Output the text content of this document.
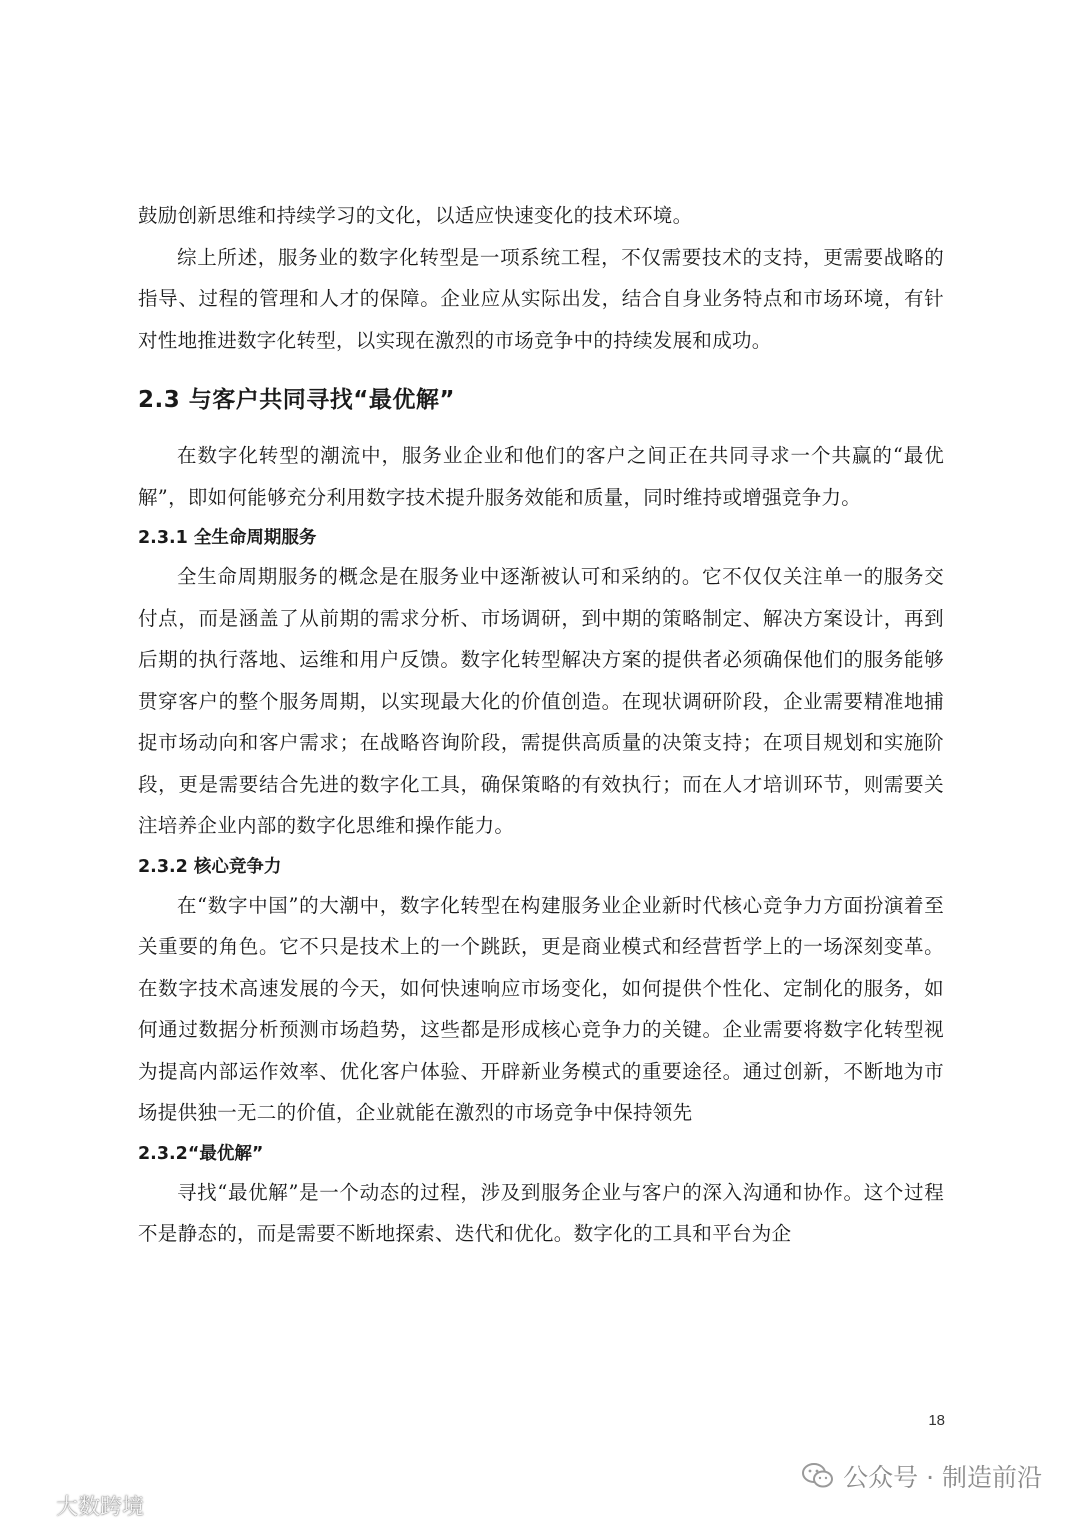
鼓励创新思维和持续学习的文化，以适应快速变化的技术环境。

综上所述，服务业的数字化转型是一项系统工程，不仅需要技术的支持，更需要战略的指导、过程的管理和人才的保障。企业应从实际出发，结合自身业务特点和市场环境，有针对性地推进数字化转型，以实现在激烈的市场竞争中的持续发展和成功。

2.3 与客户共同寻找“最优解”

在数字化转型的潮流中，服务业企业和他们的客户之间正在共同寻求一个共赢的“最优解”，即如何能够充分利用数字技术提升服务效能和质量，同时维持或增强竞争力。

2.3.1 全生命周期服务

全生命周期服务的概念是在服务业中逐渐被认可和采纳的。它不仅仅关注单一的服务交付点，而是涵盖了从前期的需求分析、市场调研，到中期的策略制定、解决方案设计，再到后期的执行落地、运维和用户反馈。数字化转型解决方案的提供者必须确保他们的服务能够贯穿客户的整个服务周期，以实现最大化的价值创造。在现状调研阶段，企业需要精准地捕捉市场动向和客户需求；在战略咨询阶段，需提供高质量的决策支持；在项目规划和实施阶段，更是需要结合先进的数字化工具，确保策略的有效执行；而在人才培训环节，则需要关注培养企业内部的数字化思维和操作能力。

2.3.2 核心竞争力

在“数字中国”的大潮中，数字化转型在构建服务业企业新时代核心竞争力方面扮演着至关重要的角色。它不只是技术上的一个跳跃，更是商业模式和经营哲学上的一场深刻变革。在数字技术高速发展的今天，如何快速响应市场变化，如何提供个性化、定制化的服务，如何通过数据分析预测市场趋势，这些都是形成核心竞争力的关键。企业需要将数字化转型视为提高内部运作效率、优化客户体验、开辟新业务模式的重要途径。通过创新，不断地为市场提供独一无二的价值，企业就能在激烈的市场竞争中保持领先

2.3.2“最优解”

寻找“最优解”是一个动态的过程，涉及到服务企业与客户的深入沟通和协作。这个过程不是静态的，而是需要不断地探索、迭代和优化。数字化的工具和平台为企

18
公众号 · 制造前沿
大数跨境
